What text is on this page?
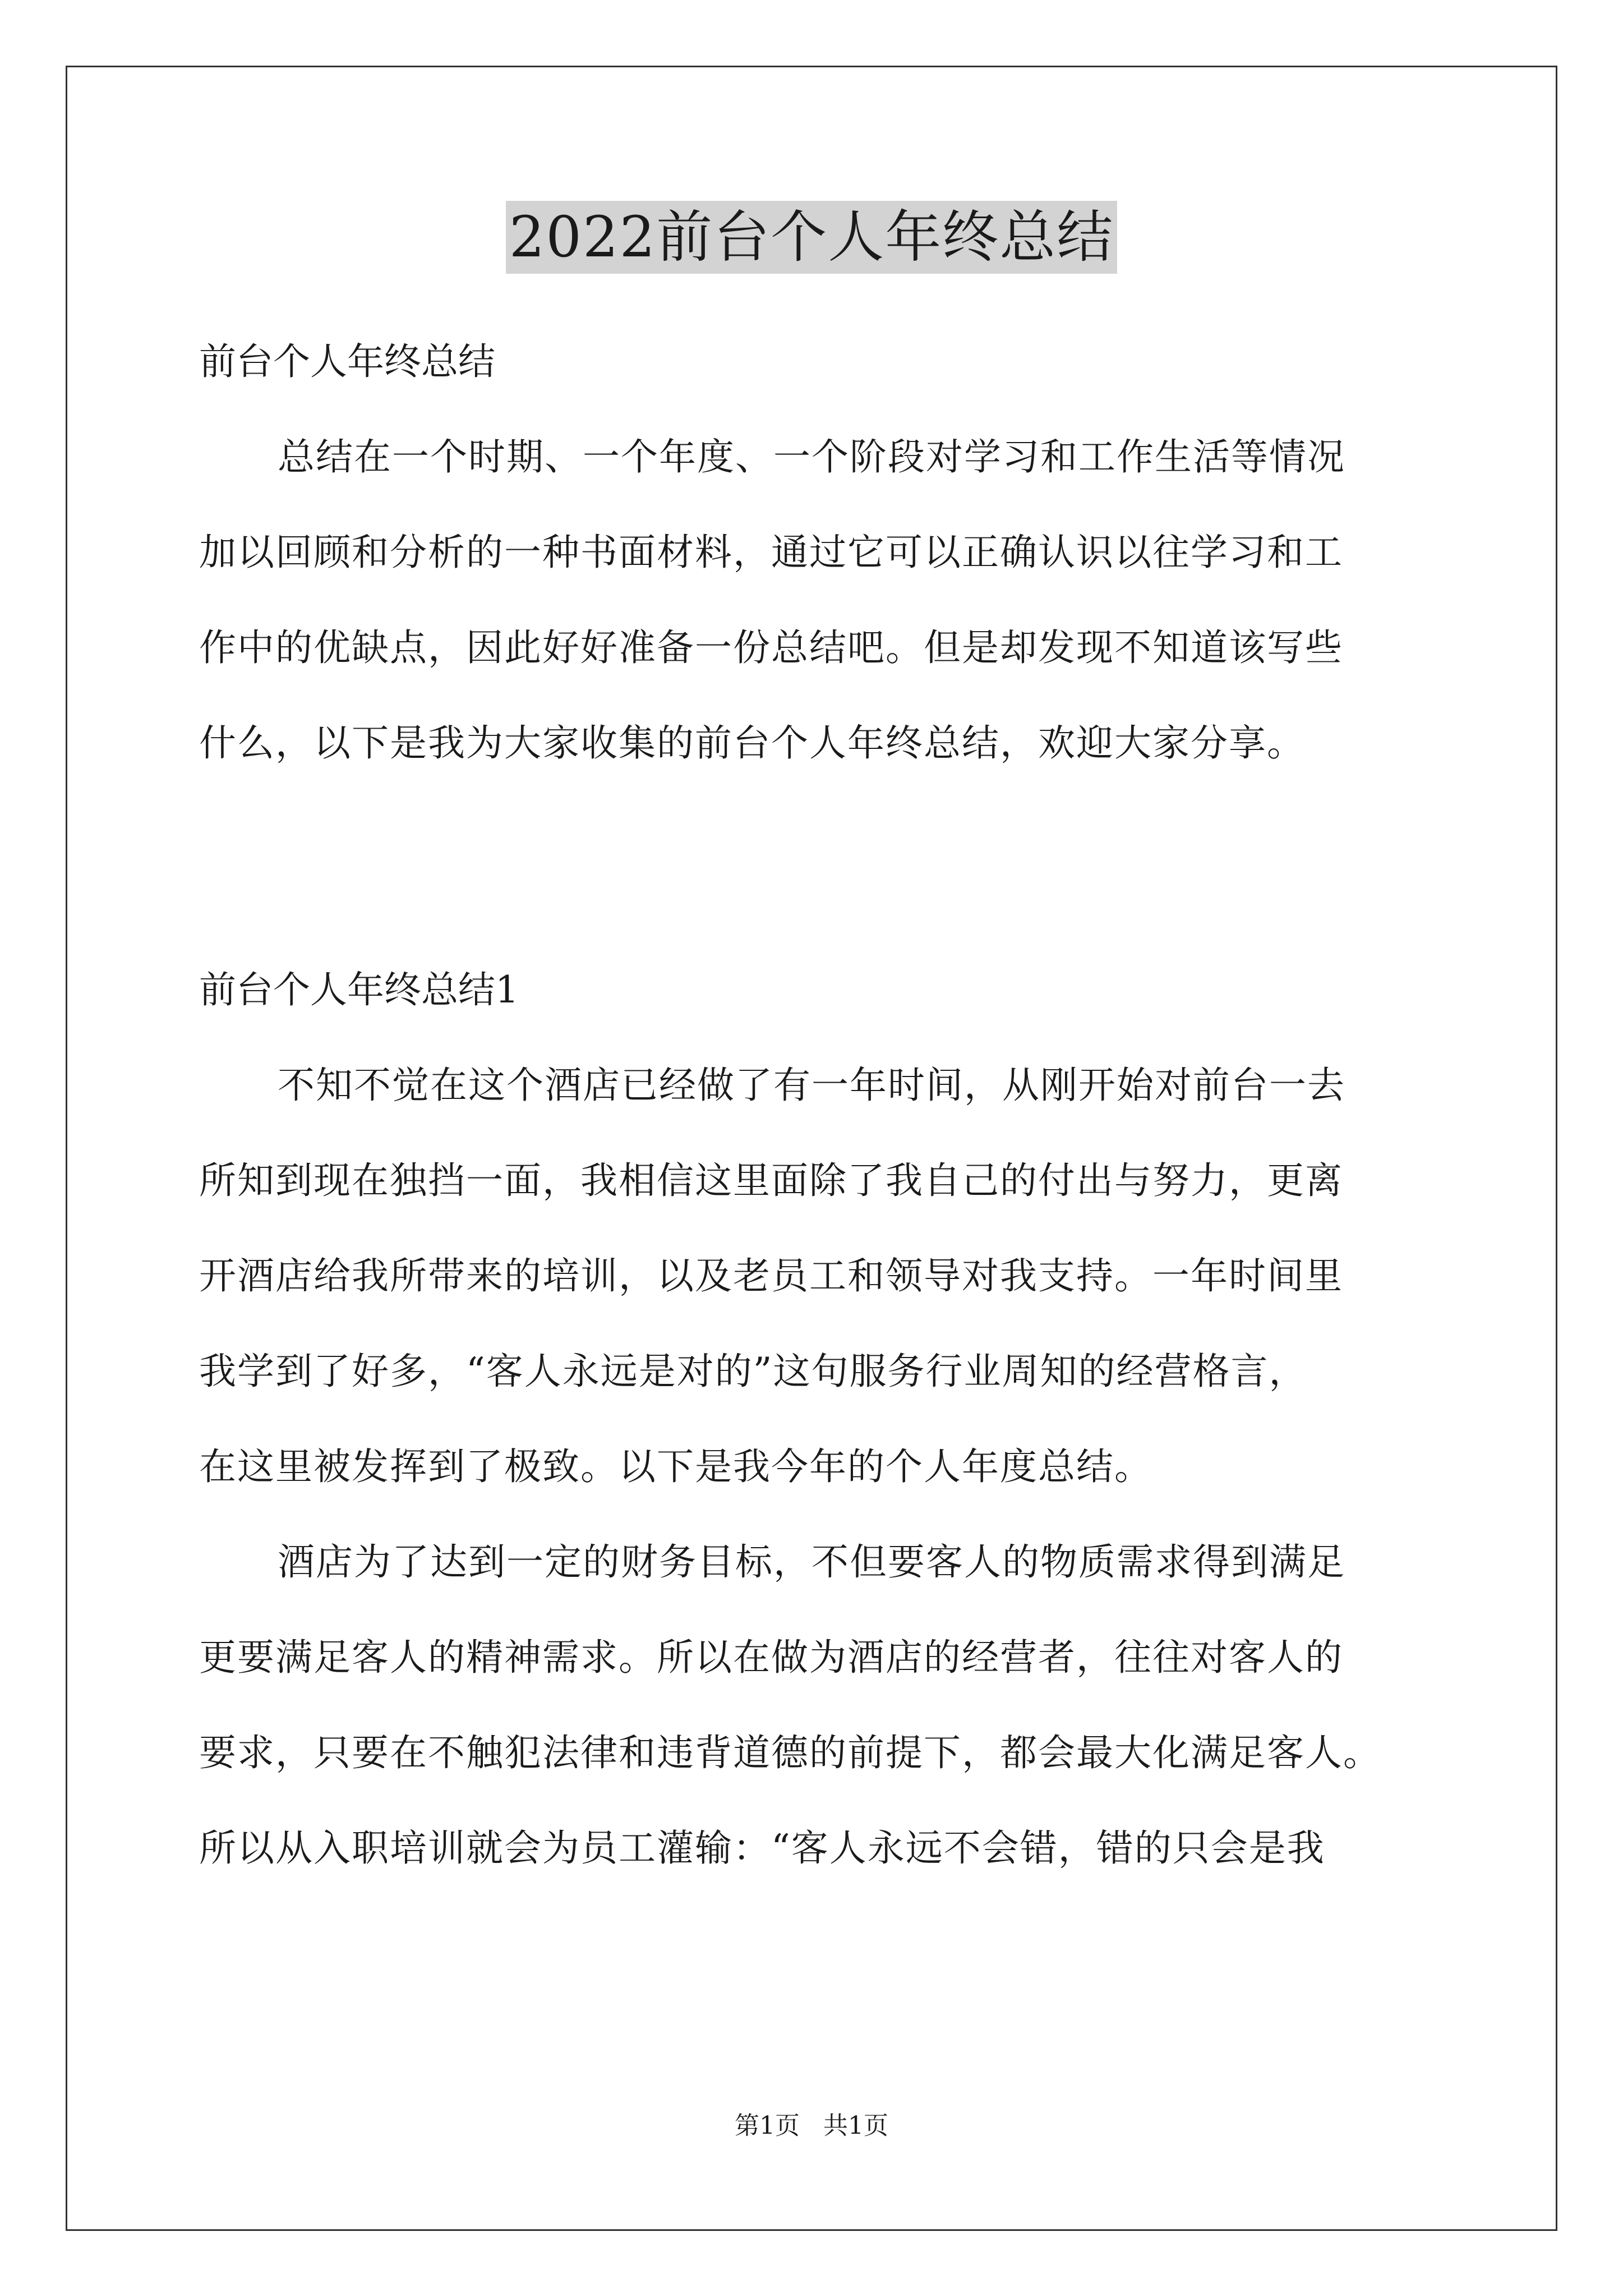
2022前台个人年终总结
前台个人年终总结
总结在一个时期、一个年度、一个阶段对学习和工作生活等情况
加以回顾和分析的一种书面材料，通过它可以正确认识以往学习和工
作中的优缺点，因此好好准备一份总结吧。但是却发现不知道该写些
什么，以下是我为大家收集的前台个人年终总结，欢迎大家分享。
前台个人年终总结1
不知不觉在这个酒店已经做了有一年时间，从刚开始对前台一去
所知到现在独挡一面，我相信这里面除了我自己的付出与努力，更离
开酒店给我所带来的培训，以及老员工和领导对我支持。一年时间里
我学到了好多，“客人永远是对的”这句服务行业周知的经营格言，
在这里被发挥到了极致。以下是我今年的个人年度总结。
酒店为了达到一定的财务目标，不但要客人的物质需求得到满足
更要满足客人的精神需求。所以在做为酒店的经营者，往往对客人的
要求，只要在不触犯法律和违背道德的前提下，都会最大化满足客人。
所以从入职培训就会为员工灌输：“客人永远不会错，错的只会是我
第1页   共1页
